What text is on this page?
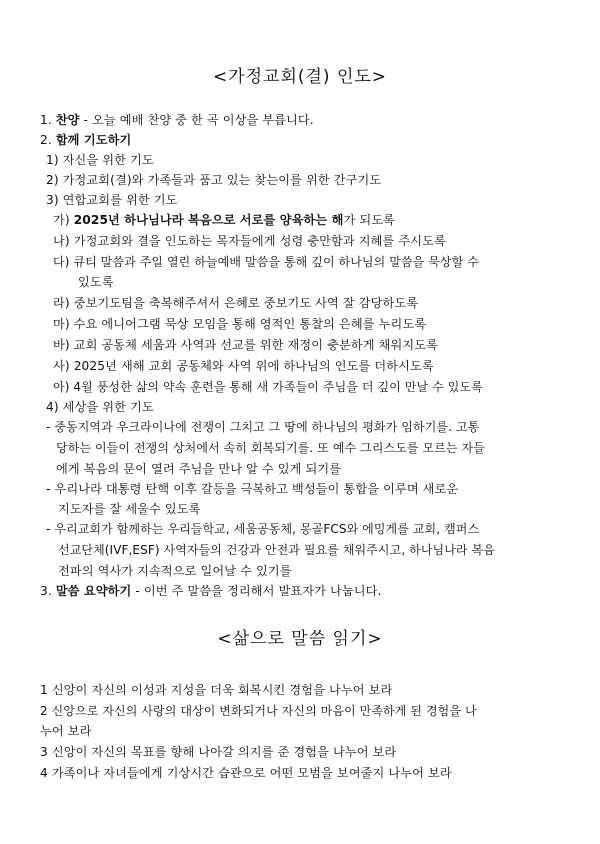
<가정교회(결) 인도>
1. 찬양 - 오늘 예배 찬양 중 한 곡 이상을 부릅니다.
2. 함께 기도하기
1) 자신을 위한 기도
2) 가정교회(결)와 가족들과 품고 있는 찾는이를 위한 간구기도
3) 연합교회를 위한 기도
가) 2025년 하나님나라 복음으로 서로를 양육하는 해가 되도록
나) 가정교회와 결을 인도하는 목자들에게 성령 충만함과 지혜를 주시도록
다) 큐티 말씀과 주일 열린 하늘예배 말씀을 통해 깊이 하나님의 말씀을 묵상할 수
있도록
라) 중보기도팀을 축복해주셔서 은혜로 중보기도 사역 잘 감당하도록
마) 수요 에니어그램 묵상 모임을 통해 영적인 통찰의 은혜를 누리도록
바) 교회 공동체 세움과 사역과 선교를 위한 재정이 충분하게 채워지도록
사) 2025년 새해 교회 공동체와 사역 위에 하나님의 인도를 더하시도록
아) 4월 풍성한 삶의 약속 훈련을 통해 새 가족들이 주님을 더 깊이 만날 수 있도록
4) 세상을 위한 기도
- 중동지역과 우크라이나에 전쟁이 그치고 그 땅에 하나님의 평화가 임하기를. 고통
당하는 이들이 전쟁의 상처에서 속히 회복되기를. 또 예수 그리스도를 모르는 자들
에게 복음의 문이 열려 주님을 만나 알 수 있게 되기를
- 우리나라 대통령 탄핵 이후 갈등을 극복하고 백성들이 통합을 이루며 새로운
지도자를 잘 세울수 있도록
- 우리교회가 함께하는 우리들학교, 세움공동체, 몽골FCS와 에밍게를 교회, 캠퍼스
선교단체(IVF,ESF) 사역자들의 건강과 안전과 필요를 채워주시고, 하나님나라 복음
전파의 역사가 지속적으로 일어날 수 있기를
3. 말씀 요약하기 - 이번 주 말씀을 정리해서 발표자가 나눕니다.
<삶으로 말씀 읽기>
1 신앙이 자신의 이성과 지성을 더욱 회복시킨 경험을 나누어 보라
2 신앙으로 자신의 사랑의 대상이 변화되거나 자신의 마음이 만족하게 된 경험을 나
누어 보라
3 신앙이 자신의 목표를 향해 나아갈 의지를 준 경험을 나누어 보라
4 가족이나 자녀들에게 기상시간 습관으로 어떤 모범을 보여줄지 나누어 보라
